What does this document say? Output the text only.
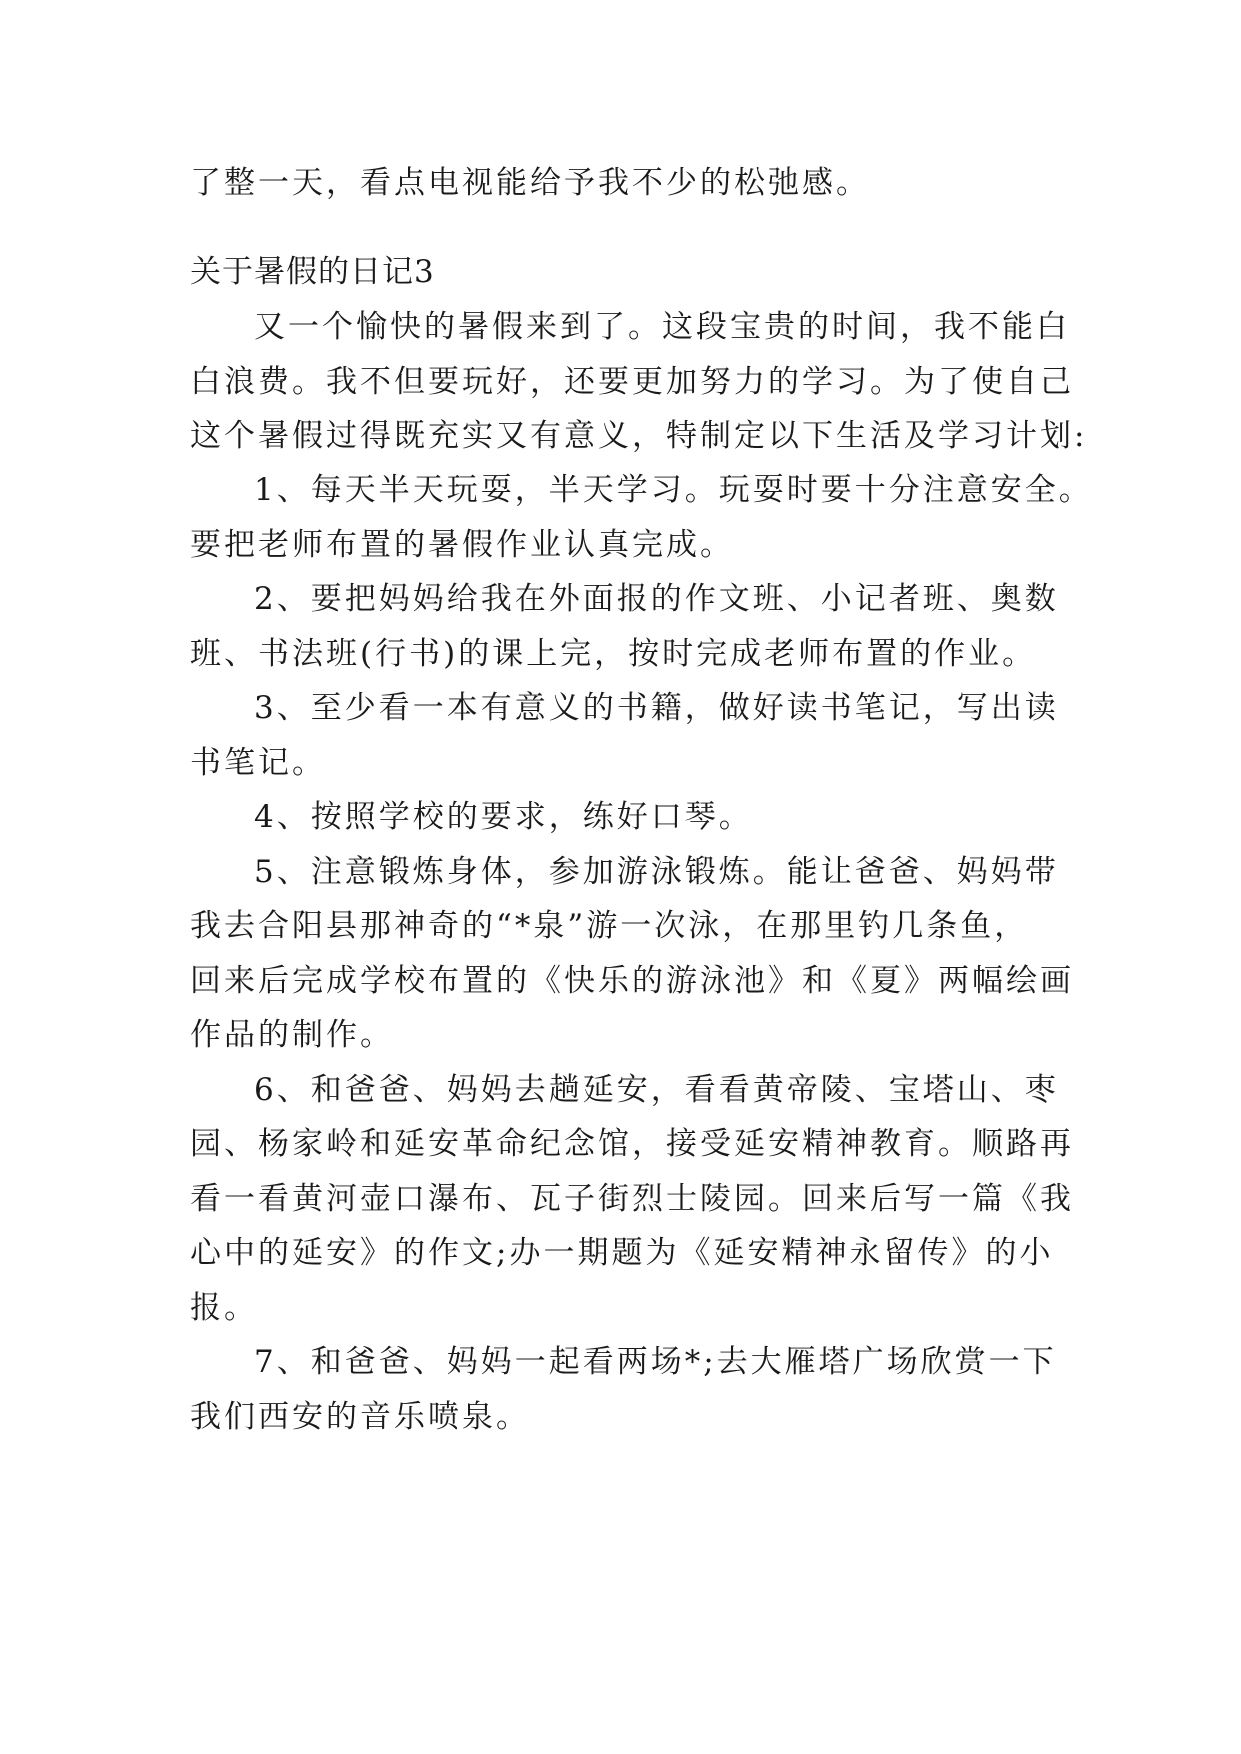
了整一天，看点电视能给予我不少的松弛感。
关于暑假的日记3
又一个愉快的暑假来到了。这段宝贵的时间，我不能白
白浪费。我不但要玩好，还要更加努力的学习。为了使自己
这个暑假过得既充实又有意义，特制定以下生活及学习计划:
1、每天半天玩耍，半天学习。玩耍时要十分注意安全。
要把老师布置的暑假作业认真完成。
2、要把妈妈给我在外面报的作文班、小记者班、奥数
班、书法班(行书)的课上完，按时完成老师布置的作业。
3、至少看一本有意义的书籍，做好读书笔记，写出读
书笔记。
4、按照学校的要求，练好口琴。
5、注意锻炼身体，参加游泳锻炼。能让爸爸、妈妈带
我去合阳县那神奇的“*泉”游一次泳，在那里钓几条鱼，
回来后完成学校布置的《快乐的游泳池》和《夏》两幅绘画
作品的制作。
6、和爸爸、妈妈去趟延安，看看黄帝陵、宝塔山、枣
园、杨家岭和延安革命纪念馆，接受延安精神教育。顺路再
看一看黄河壶口瀑布、瓦子街烈士陵园。回来后写一篇《我
心中的延安》的作文;办一期题为《延安精神永留传》的小
报。
7、和爸爸、妈妈一起看两场*;去大雁塔广场欣赏一下
我们西安的音乐喷泉。
